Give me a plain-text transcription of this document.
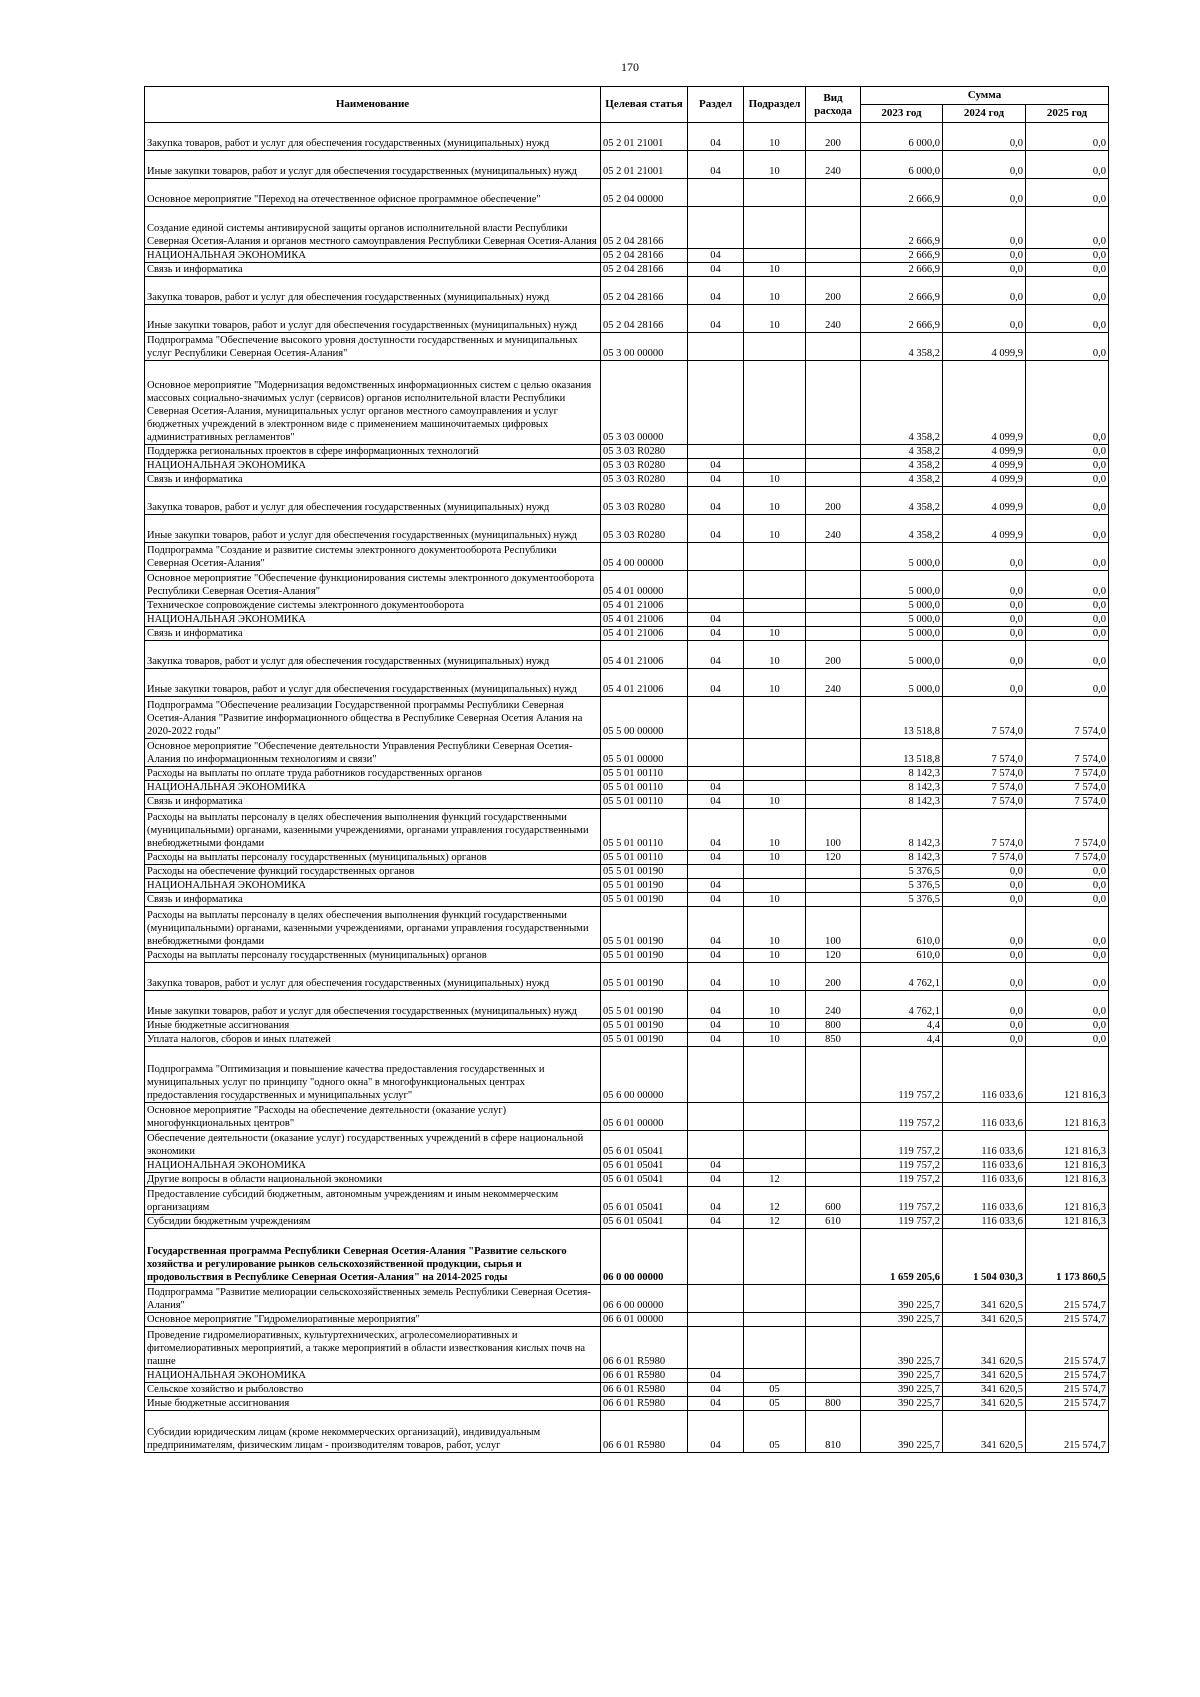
170
Наименование	Целевая статья	Раздел	Подраздел	Вид расхода	Сумма		
					2023 год	2024 год	2025 год
Закупка товаров, работ и услуг для обеспечения государственных (муниципальных) нужд	05 2 01 21001	04	10	200	6 000,0	0,0	0,0
Иные закупки товаров, работ и услуг для обеспечения государственных (муниципальных) нужд	05 2 01 21001	04	10	240	6 000,0	0,0	0,0
Основное мероприятие "Переход на отечественное офисное программное обеспечение"	05 2 04 00000				2 666,9	0,0	0,0
Создание единой системы антивирусной защиты органов исполнительной власти Республики Северная Осетия-Алания и органов местного самоуправления Республики Северная Осетия-Алания	05 2 04 28166				2 666,9	0,0	0,0
НАЦИОНАЛЬНАЯ ЭКОНОМИКА	05 2 04 28166	04			2 666,9	0,0	0,0
Связь и информатика	05 2 04 28166	04	10		2 666,9	0,0	0,0
Закупка товаров, работ и услуг для обеспечения государственных (муниципальных) нужд	05 2 04 28166	04	10	200	2 666,9	0,0	0,0
Иные закупки товаров, работ и услуг для обеспечения государственных (муниципальных) нужд	05 2 04 28166	04	10	240	2 666,9	0,0	0,0
Подпрограмма "Обеспечение высокого уровня доступности государственных и муниципальных услуг Республики Северная Осетия-Алания"	05 3 00 00000				4 358,2	4 099,9	0,0
Основное мероприятие "Модернизация ведомственных информационных систем с целью оказания массовых социально-значимых услуг (сервисов) органов исполнительной власти Республики Северная Осетия-Алания, муниципальных услуг органов местного самоуправления и услуг бюджетных учреждений в электронном виде с применением машиночитаемых цифровых административных регламентов"	05 3 03 00000				4 358,2	4 099,9	0,0
Поддержка региональных проектов в сфере информационных технологий	05 3 03 R0280				4 358,2	4 099,9	0,0
НАЦИОНАЛЬНАЯ ЭКОНОМИКА	05 3 03 R0280	04			4 358,2	4 099,9	0,0
Связь и информатика	05 3 03 R0280	04	10		4 358,2	4 099,9	0,0
Закупка товаров, работ и услуг для обеспечения государственных (муниципальных) нужд	05 3 03 R0280	04	10	200	4 358,2	4 099,9	0,0
Иные закупки товаров, работ и услуг для обеспечения государственных (муниципальных) нужд	05 3 03 R0280	04	10	240	4 358,2	4 099,9	0,0
Подпрограмма "Создание и развитие системы электронного документооборота Республики Северная Осетия-Алания"	05 4 00 00000				5 000,0	0,0	0,0
Основное мероприятие "Обеспечение функционирования системы электронного документооборота Республики Северная Осетия-Алания"	05 4 01 00000				5 000,0	0,0	0,0
Техническое сопровождение системы электронного документооборота	05 4 01 21006				5 000,0	0,0	0,0
НАЦИОНАЛЬНАЯ ЭКОНОМИКА	05 4 01 21006	04			5 000,0	0,0	0,0
Связь и информатика	05 4 01 21006	04	10		5 000,0	0,0	0,0
Закупка товаров, работ и услуг для обеспечения государственных (муниципальных) нужд	05 4 01 21006	04	10	200	5 000,0	0,0	0,0
Иные закупки товаров, работ и услуг для обеспечения государственных (муниципальных) нужд	05 4 01 21006	04	10	240	5 000,0	0,0	0,0
Подпрограмма "Обеспечение реализации Государственной программы Республики Северная Осетия-Алания "Развитие информационного общества в Республике Северная Осетия Алания на 2020-2022 годы"	05 5 00 00000				13 518,8	7 574,0	7 574,0
Основное мероприятие "Обеспечение деятельности Управления Республики Северная Осетия-Алания по информационным технологиям и связи"	05 5 01 00000				13 518,8	7 574,0	7 574,0
Расходы на выплаты по оплате труда работников государственных органов	05 5 01 00110				8 142,3	7 574,0	7 574,0
НАЦИОНАЛЬНАЯ ЭКОНОМИКА	05 5 01 00110	04			8 142,3	7 574,0	7 574,0
Связь и информатика	05 5 01 00110	04	10		8 142,3	7 574,0	7 574,0
Расходы на выплаты персоналу в целях обеспечения выполнения функций государственными (муниципальными) органами, казенными учреждениями, органами управления государственными внебюджетными фондами	05 5 01 00110	04	10	100	8 142,3	7 574,0	7 574,0
Расходы на выплаты персоналу государственных (муниципальных) органов	05 5 01 00110	04	10	120	8 142,3	7 574,0	7 574,0
Расходы на обеспечение функций государственных органов	05 5 01 00190				5 376,5	0,0	0,0
НАЦИОНАЛЬНАЯ ЭКОНОМИКА	05 5 01 00190	04			5 376,5	0,0	0,0
Связь и информатика	05 5 01 00190	04	10		5 376,5	0,0	0,0
Расходы на выплаты персоналу в целях обеспечения выполнения функций государственными (муниципальными) органами, казенными учреждениями, органами управления государственными внебюджетными фондами	05 5 01 00190	04	10	100	610,0	0,0	0,0
Расходы на выплаты персоналу государственных (муниципальных) органов	05 5 01 00190	04	10	120	610,0	0,0	0,0
Закупка товаров, работ и услуг для обеспечения государственных (муниципальных) нужд	05 5 01 00190	04	10	200	4 762,1	0,0	0,0
Иные закупки товаров, работ и услуг для обеспечения государственных (муниципальных) нужд	05 5 01 00190	04	10	240	4 762,1	0,0	0,0
Иные бюджетные ассигнования	05 5 01 00190	04	10	800	4,4	0,0	0,0
Уплата налогов, сборов и иных платежей	05 5 01 00190	04	10	850	4,4	0,0	0,0
Подпрограмма "Оптимизация и повышение качества предоставления государственных и муниципальных услуг по принципу "одного окна" в многофункциональных центрах предоставления государственных и муниципальных услуг"	05 6 00 00000				119 757,2	116 033,6	121 816,3
Основное мероприятие "Расходы на обеспечение деятельности (оказание услуг) многофункциональных центров"	05 6 01 00000				119 757,2	116 033,6	121 816,3
Обеспечение деятельности (оказание услуг) государственных учреждений в сфере национальной экономики	05 6 01 05041				119 757,2	116 033,6	121 816,3
НАЦИОНАЛЬНАЯ ЭКОНОМИКА	05 6 01 05041	04			119 757,2	116 033,6	121 816,3
Другие вопросы в области национальной экономики	05 6 01 05041	04	12		119 757,2	116 033,6	121 816,3
Предоставление субсидий бюджетным, автономным учреждениям и иным некоммерческим организациям	05 6 01 05041	04	12	600	119 757,2	116 033,6	121 816,3
Субсидии бюджетным учреждениям	05 6 01 05041	04	12	610	119 757,2	116 033,6	121 816,3
Государственная программа Республики Северная Осетия-Алания "Развитие сельского хозяйства и регулирование рынков сельскохозяйственной продукции, сырья и продовольствия в Республике Северная Осетия-Алания" на 2014-2025 годы	06 0 00 00000				1 659 205,6	1 504 030,3	1 173 860,5
Подпрограмма "Развитие мелиорации сельскохозяйственных земель Республики Северная Осетия-Алания"	06 6 00 00000				390 225,7	341 620,5	215 574,7
Основное мероприятие "Гидромелиоративные мероприятия"	06 6 01 00000				390 225,7	341 620,5	215 574,7
Проведение гидромелиоративных, культуртехнических, агролесомелиоративных и фитомелиоративных мероприятий, а также мероприятий в области известкования кислых почв на пашне	06 6 01 R5980				390 225,7	341 620,5	215 574,7
НАЦИОНАЛЬНАЯ ЭКОНОМИКА	06 6 01 R5980	04			390 225,7	341 620,5	215 574,7
Сельское хозяйство и рыболовство	06 6 01 R5980	04	05		390 225,7	341 620,5	215 574,7
Иные бюджетные ассигнования	06 6 01 R5980	04	05	800	390 225,7	341 620,5	215 574,7
Субсидии юридическим лицам (кроме некоммерческих организаций), индивидуальным предпринимателям, физическим лицам - производителям товаров, работ, услуг	06 6 01 R5980	04	05	810	390 225,7	341 620,5	215 574,7
